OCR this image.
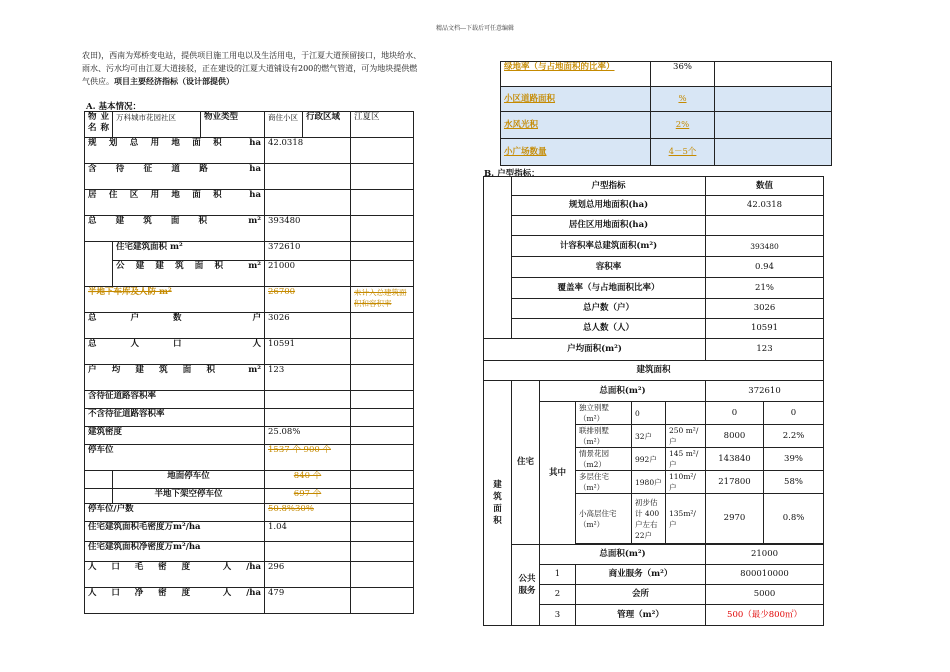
精品文档---下载后可任意编辑
农田)，西南为郑桥变电站，提供项目施工用电以及生活用电，于江夏大道预留接口，地块给水、
雨水、污水均可由江夏大道接驳，正在建设的江夏大道铺设有200的燃气管道，可为地块提供燃
气供应。项目主要经济指标（设计部提供）
A. 基本情况：
物业名称	万科城市花园社区	物业类型	商住小区	行政区域	江夏区
规划总用地面积 ha			42.0318		
含待征道路 ha					
居住区用地面积 ha					
总建筑面积 m²			393480		
	住宅建筑面积 m²		372610		
	公建建筑面积 m²		21000		
半地下车库及人防 m²			26700		未计入总建筑面积和容积率
总户数 户			3026		
总人口 人			10591		
户均建筑面积 m²			123		
含待征道路容积率					
不含待征道路容积率					
建筑密度			25.08%		
停车位			1537 个 900 个		
	地面停车位		840 个		
	半地下架空停车位		697 个		
停车位/户数			50.8%30%		
住宅建筑面积毛密度万m²/ha			1.04		
住宅建筑面积净密度万m²/ha					
人口毛密度 人/ha			296		
人口净密度 人/ha			479		
绿地率（与占地面积的比率）	36%	
小区道路面积	%	
水风光积	2%	
小广场数量	4－5个	
B. 户型指标：
	户型指标					数值	
	规划总用地面积(ha)					42.0318	
	居住区用地面积(ha)						
	计容积率总建筑面积(m²)					393480	
	容积率					0.94	
	覆盖率（与占地面积比率）					21%	
	总户数（户）					3026	
	总人数（人）					10591	
户均面积(m²)						123	
建筑面积							
建筑面积	住宅	总面积(m²)				372610	
		其中	独立别墅（m²）	0		0	0
			联排别墅（m²）	32户	250 m²/户	8000	2.2%
			情景花园（m2）	992户	145 m²/户	143840	39%
			多层住宅（m²）	1980户	110m²/户	217800	58%
			小高层住宅（m²）	初步估计 400户左右 22户	135m²/户	2970	0.8%

	公共服务	总面积(m²)				21000	
		1	商业服务（m²）			800010000	
		2	会所			5000	
		3	管理（m²）			500（最少800㎡）	
